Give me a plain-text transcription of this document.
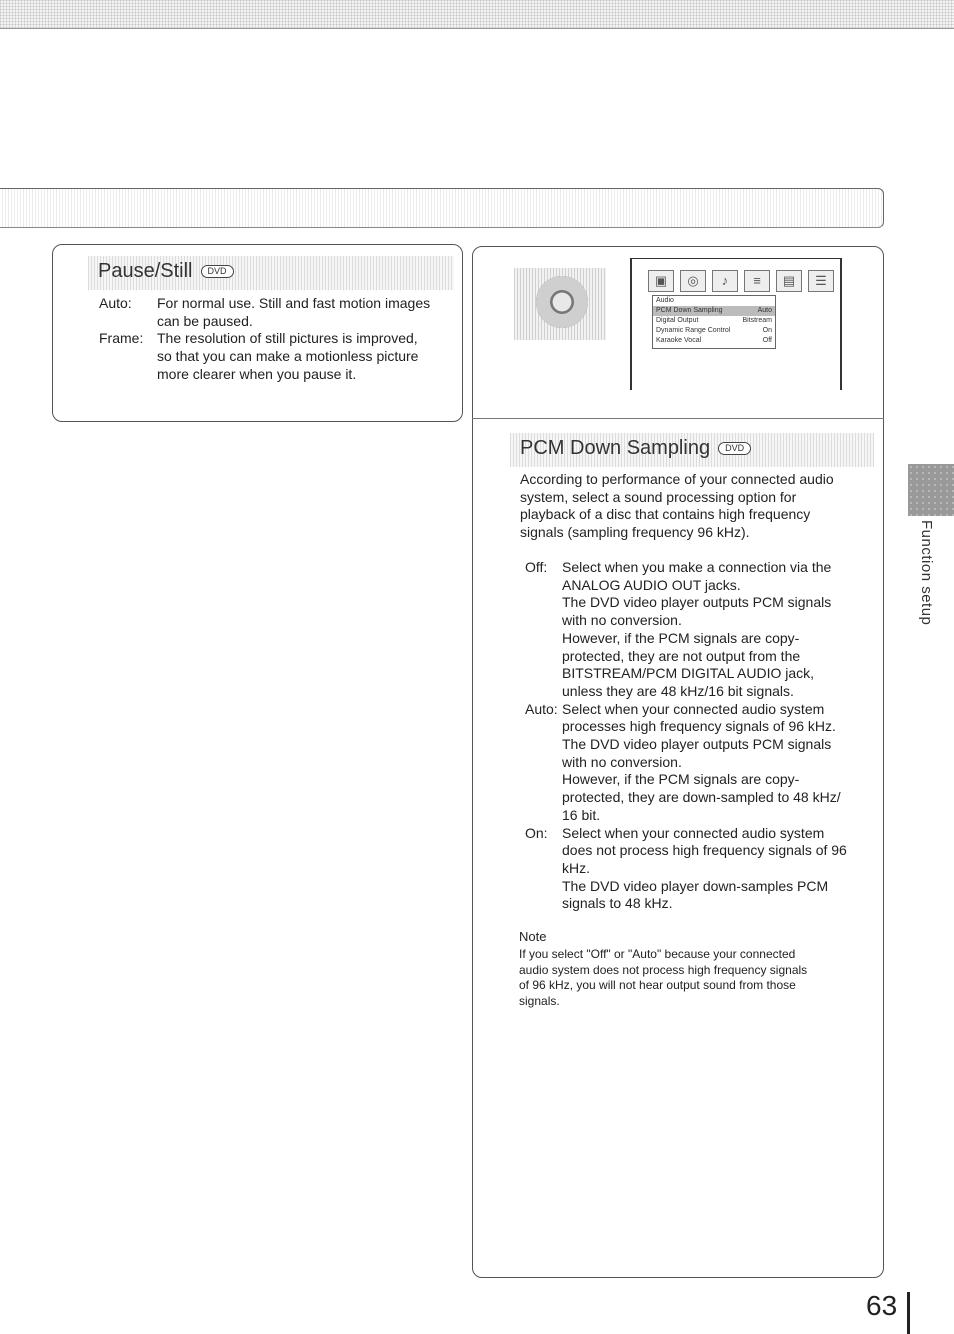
Pause/Still DVD
Auto:	For normal use. Still and fast motion images
can be paused.
Frame: The resolution of still pictures is improved,
so that you can make a motionless picture
more clearer when you pause it.
▣	◎	♪	≡	▤	☰
Audio
PCM Down Sampling	Auto
Digital Output	Bitstream
Dynamic Range Control	On
Karaoke Vocal	Off
PCM Down Sampling DVD
According to performance of your connected audio
system, select a sound processing option for
playback of a disc that contains high frequency
signals (sampling frequency 96 kHz).
Off:	Select when you make a connection via the
ANALOG AUDIO OUT jacks.
The DVD video player outputs PCM signals
with no conversion.
However, if the PCM signals are copy-
protected, they are not output from the
BITSTREAM/PCM DIGITAL AUDIO jack,
unless they are 48 kHz/16 bit signals.
Auto: Select when your connected audio system
processes high frequency signals of 96 kHz.
The DVD video player outputs PCM signals
with no conversion.
However, if the PCM signals are copy-
protected, they are down-sampled to 48 kHz/
16 bit.
On:	Select when your connected audio system
does not process high frequency signals of 96
kHz.
The DVD video player down-samples PCM
signals to 48 kHz.
Note
If you select "Off" or "Auto" because your connected
audio system does not process high frequency signals
of 96 kHz, you will not hear output sound from those
signals.
Function setup
63
